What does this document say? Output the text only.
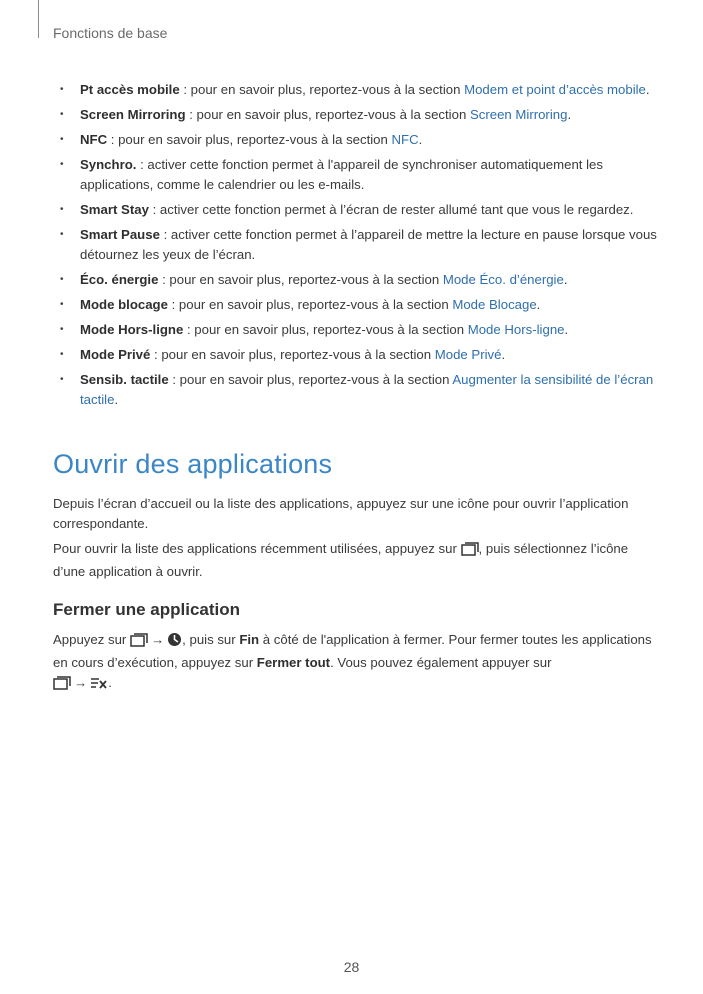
Fonctions de base
• Pt accès mobile : pour en savoir plus, reportez-vous à la section Modem et point d’accès mobile.
• Screen Mirroring : pour en savoir plus, reportez-vous à la section Screen Mirroring.
• NFC : pour en savoir plus, reportez-vous à la section NFC.
• Synchro. : activer cette fonction permet à l'appareil de synchroniser automatiquement les applications, comme le calendrier ou les e-mails.
• Smart Stay : activer cette fonction permet à l’écran de rester allumé tant que vous le regardez.
• Smart Pause : activer cette fonction permet à l’appareil de mettre la lecture en pause lorsque vous détournez les yeux de l’écran.
• Éco. énergie : pour en savoir plus, reportez-vous à la section Mode Éco. d’énergie.
• Mode blocage : pour en savoir plus, reportez-vous à la section Mode Blocage.
• Mode Hors-ligne : pour en savoir plus, reportez-vous à la section Mode Hors-ligne.
• Mode Privé : pour en savoir plus, reportez-vous à la section Mode Privé.
• Sensib. tactile : pour en savoir plus, reportez-vous à la section Augmenter la sensibilité de l’écran tactile.
Ouvrir des applications

Depuis l’écran d’accueil ou la liste des applications, appuyez sur une icône pour ouvrir l’application correspondante.

Pour ouvrir la liste des applications récemment utilisées, appuyez sur , puis sélectionnez l’icône d’une application à ouvrir.

Fermer une application

Appuyez sur → , puis sur Fin à côté de l'application à fermer. Pour fermer toutes les applications en cours d’exécution, appuyez sur Fermer tout. Vous pouvez également appuyer sur
→ .

28
